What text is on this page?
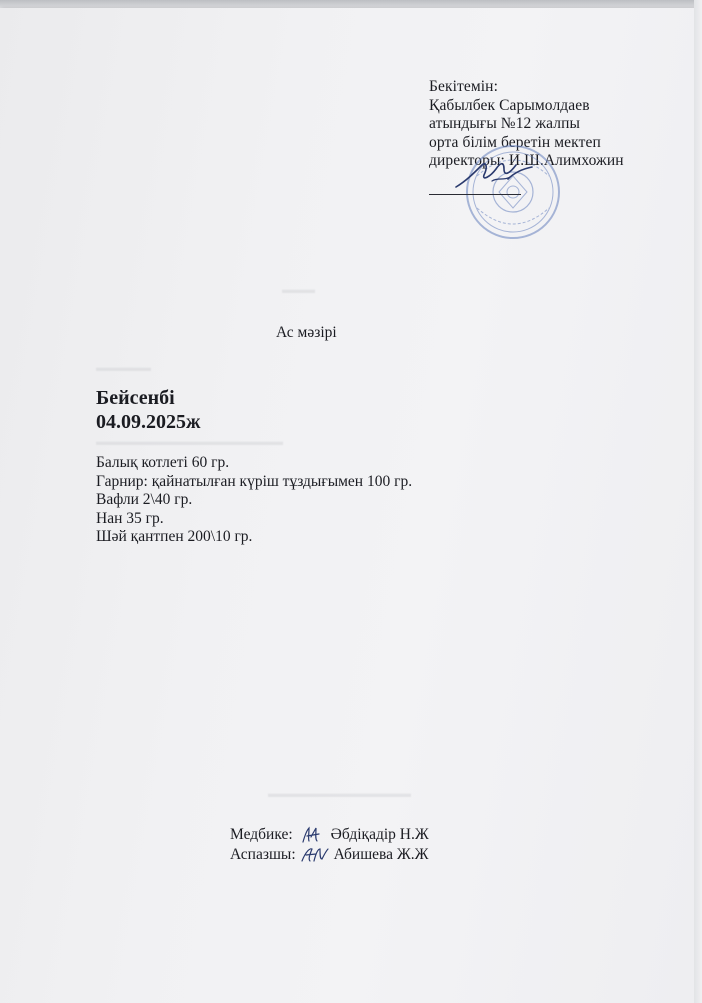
▬▬▬
▬▬▬▬▬
▬▬▬▬▬▬▬▬▬▬▬▬▬▬▬▬▬
▬▬▬▬▬▬▬▬▬▬▬▬▬
Бекітемін:
Қабылбек Сарымолдаев
атындығы №12 жалпы
орта білім беретін мектеп
директоры: И.Ш.Алимхожин
Ас мәзірі
Бейсенбі
04.09.2025ж
Балық котлеті 60 гр.
Гарнир: қайнатылған күріш тұздығымен 100 гр.
Вафли 2\40 гр.
Нан 35 гр.
Шәй қантпен 200\10 гр.
Медбике: Әбдіқадір Н.Ж
Аспазшы: Абишева Ж.Ж
